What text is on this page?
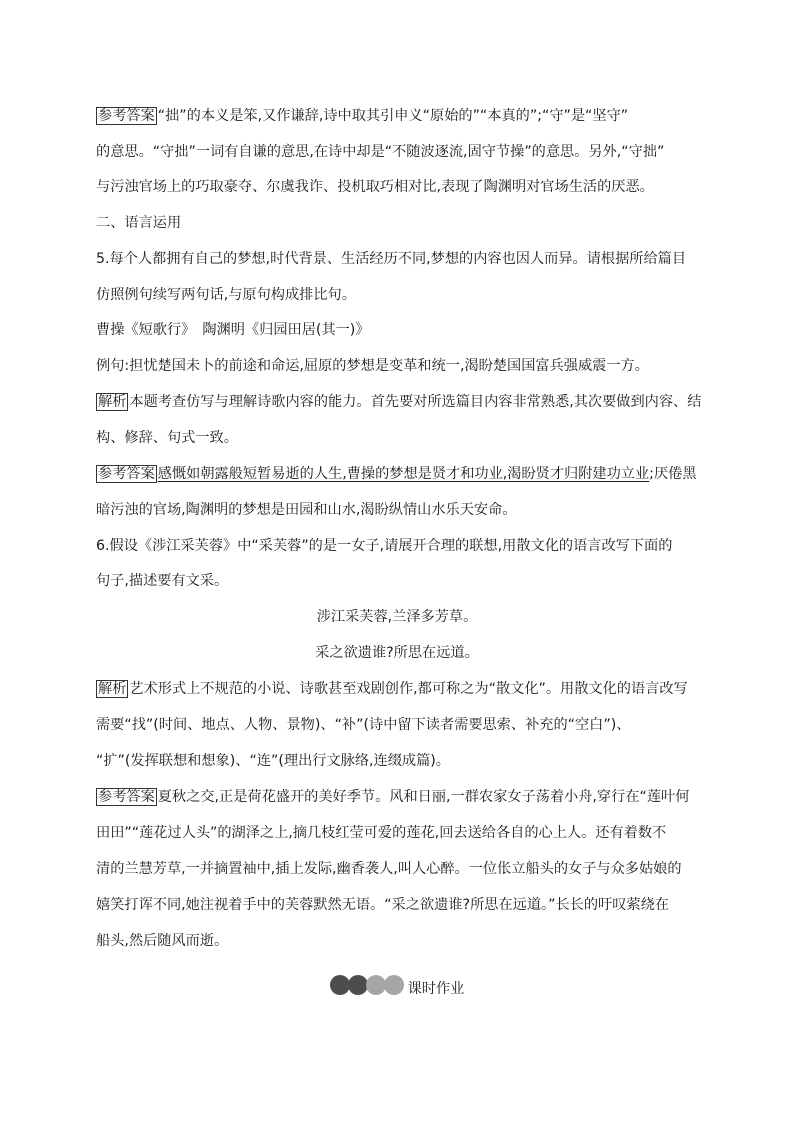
参考答案 “拙”的本义是笨,又作谦辞,诗中取其引申义“原始的”“本真的”;“守”是“坚守”
的意思。“守拙”一词有自谦的意思,在诗中却是“不随波逐流,固守节操”的意思。另外,“守拙”
与污浊官场上的巧取豪夺、尔虞我诈、投机取巧相对比,表现了陶渊明对官场生活的厌恶。
二、语言运用
5.每个人都拥有自己的梦想,时代背景、生活经历不同,梦想的内容也因人而异。请根据所给篇目
仿照例句续写两句话,与原句构成排比句。
曹操《短歌行》　陶渊明《归园田居(其一)》
例句:担忧楚国未卜的前途和命运,屈原的梦想是变革和统一,渴盼楚国国富兵强威震一方。
解析 本题考查仿写与理解诗歌内容的能力。首先要对所选篇目内容非常熟悉,其次要做到内容、结
构、修辞、句式一致。
参考答案 感慨如朝露般短暂易逝的人生,曹操的梦想是贤才和功业,渴盼贤才归附建功立业;厌倦黑
暗污浊的官场,陶渊明的梦想是田园和山水,渴盼纵情山水乐天安命。
6.假设《涉江采芙蓉》中“采芙蓉”的是一女子,请展开合理的联想,用散文化的语言改写下面的
句子,描述要有文采。
涉江采芙蓉,兰泽多芳草。
采之欲遗谁?所思在远道。
解析 艺术形式上不规范的小说、诗歌甚至戏剧创作,都可称之为“散文化”。用散文化的语言改写
需要“找”(时间、地点、人物、景物)、“补”(诗中留下读者需要思索、补充的“空白”)、
“扩”(发挥联想和想象)、“连”(理出行文脉络,连缀成篇)。
参考答案 夏秋之交,正是荷花盛开的美好季节。风和日丽,一群农家女子荡着小舟,穿行在“莲叶何
田田”“莲花过人头”的湖泽之上,摘几枝红莹可爱的莲花,回去送给各自的心上人。还有着数不
清的兰慧芳草,一并摘置袖中,插上发际,幽香袭人,叫人心醉。一位伥立船头的女子与众多姑娘的
嬉笑打诨不同,她注视着手中的芙蓉默然无语。“采之欲遗谁?所思在远道。”长长的吁叹萦绕在
船头,然后随风而逝。
课时作业
